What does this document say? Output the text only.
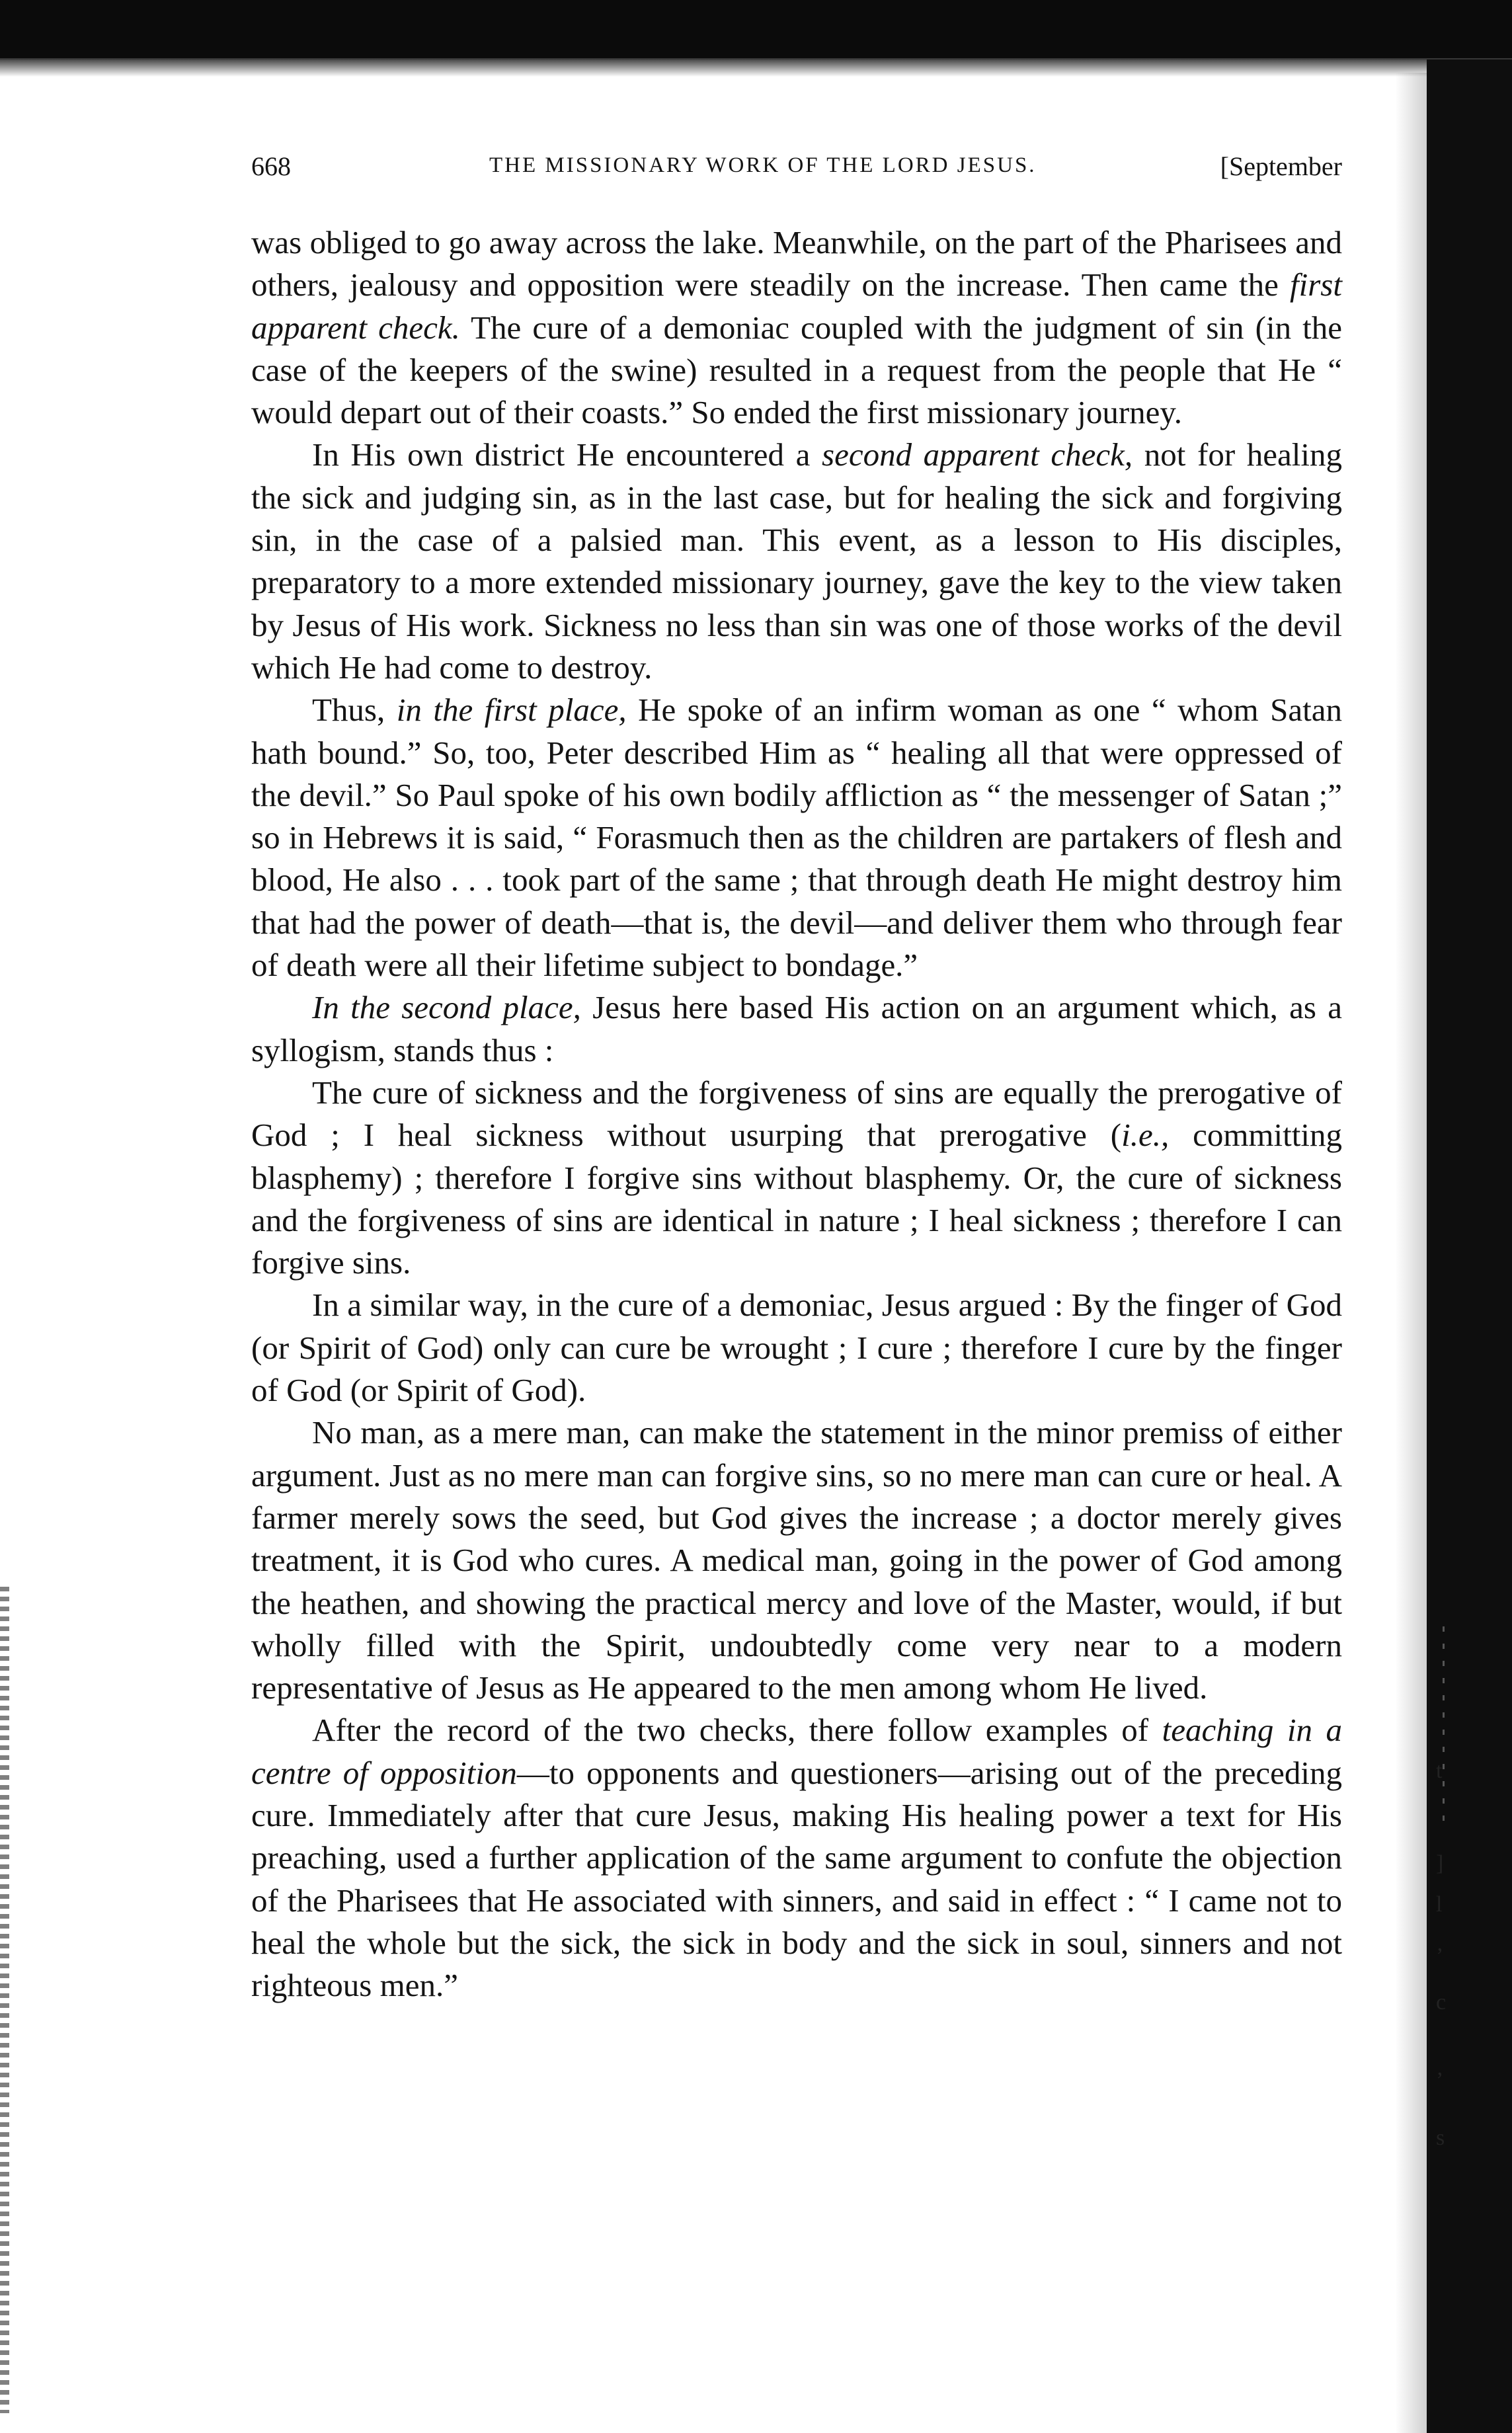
t
]
l
’
c
’
s
668	THE MISSIONARY WORK OF THE LORD JESUS.	[September

was obliged to go away across the lake. Meanwhile, on the part of the Pharisees and others, jealousy and opposition were steadily on the increase. Then came the first apparent check. The cure of a demoniac coupled with the judgment of sin (in the case of the keepers of the swine) resulted in a request from the people that He “ would depart out of their coasts.” So ended the first missionary journey.

In His own district He encountered a second apparent check, not for healing the sick and judging sin, as in the last case, but for healing the sick and forgiving sin, in the case of a palsied man. This event, as a lesson to His disciples, preparatory to a more extended missionary journey, gave the key to the view taken by Jesus of His work. Sickness no less than sin was one of those works of the devil which He had come to destroy.

Thus, in the first place, He spoke of an infirm woman as one “ whom Satan hath bound.” So, too, Peter described Him as “ healing all that were oppressed of the devil.” So Paul spoke of his own bodily affliction as “ the messenger of Satan ;” so in Hebrews it is said, “ Forasmuch then as the children are partakers of flesh and blood, He also . . . took part of the same ; that through death He might destroy him that had the power of death—that is, the devil—and deliver them who through fear of death were all their lifetime subject to bondage.”

In the second place, Jesus here based His action on an argument which, as a syllogism, stands thus :

The cure of sickness and the forgiveness of sins are equally the prerogative of God ; I heal sickness without usurping that prerogative (i.e., committing blasphemy) ; therefore I forgive sins without blasphemy. Or, the cure of sickness and the forgiveness of sins are identical in nature ; I heal sickness ; therefore I can forgive sins.

In a similar way, in the cure of a demoniac, Jesus argued : By the finger of God (or Spirit of God) only can cure be wrought ; I cure ; therefore I cure by the finger of God (or Spirit of God).

No man, as a mere man, can make the statement in the minor premiss of either argument. Just as no mere man can forgive sins, so no mere man can cure or heal. A farmer merely sows the seed, but God gives the increase ; a doctor merely gives treatment, it is God who cures. A medical man, going in the power of God among the heathen, and showing the practical mercy and love of the Master, would, if but wholly filled with the Spirit, undoubtedly come very near to a modern representative of Jesus as He appeared to the men among whom He lived.

After the record of the two checks, there follow examples of teaching in a centre of opposition—to opponents and questioners—arising out of the preceding cure. Immediately after that cure Jesus, making His healing power a text for His preaching, used a further application of the same argument to confute the objection of the Pharisees that He associated with sinners, and said in effect : “ I came not to heal the whole but the sick, the sick in body and the sick in soul, sinners and not righteous men.”
